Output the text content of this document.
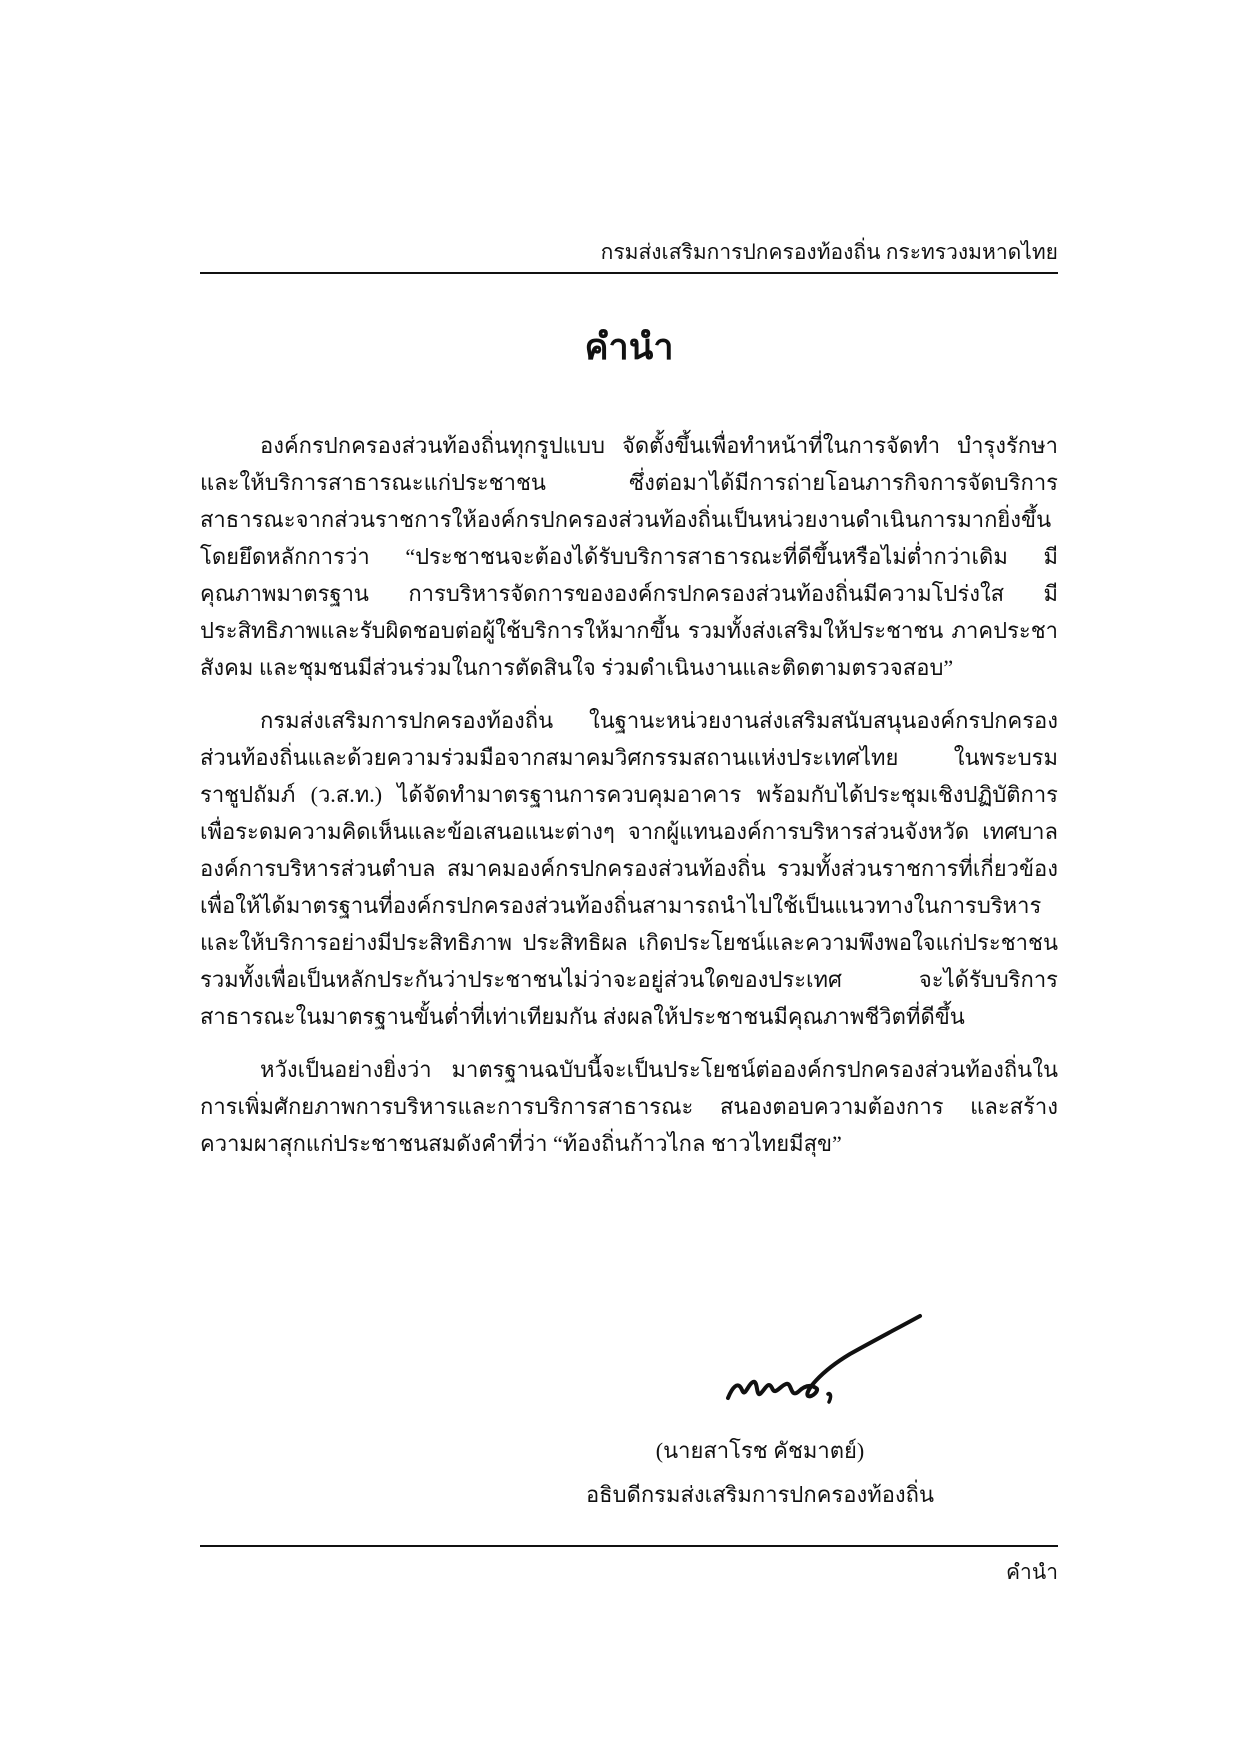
กรมส่งเสริมการปกครองท้องถิ่น กระทรวงมหาดไทย
คำนำ

องค์กรปกครองส่วนท้องถิ่นทุกรูปแบบ จัดตั้งขึ้นเพื่อทำหน้าที่ในการจัดทำ บำรุงรักษา และให้บริการสาธารณะแก่ประชาชน ซึ่งต่อมาได้มีการถ่ายโอนภารกิจการจัดบริการสาธารณะจากส่วนราชการให้องค์กรปกครองส่วนท้องถิ่นเป็นหน่วยงานดำเนินการมากยิ่งขึ้น โดยยึดหลักการว่า “ประชาชนจะต้องได้รับบริการสาธารณะที่ดีขึ้นหรือไม่ต่ำกว่าเดิม มีคุณภาพมาตรฐาน การบริหารจัดการขององค์กรปกครองส่วนท้องถิ่นมีความโปร่งใส มีประสิทธิภาพและรับผิดชอบต่อผู้ใช้บริการให้มากขึ้น รวมทั้งส่งเสริมให้ประชาชน ภาคประชาสังคม และชุมชนมีส่วนร่วมในการตัดสินใจ ร่วมดำเนินงานและติดตามตรวจสอบ”

กรมส่งเสริมการปกครองท้องถิ่น ในฐานะหน่วยงานส่งเสริมสนับสนุนองค์กรปกครองส่วนท้องถิ่นและด้วยความร่วมมือจากสมาคมวิศกรรมสถานแห่งประเทศไทย ในพระบรมราชูปถัมภ์ (ว.ส.ท.) ได้จัดทำมาตรฐานการควบคุมอาคาร พร้อมกับได้ประชุมเชิงปฏิบัติการเพื่อระดมความคิดเห็นและข้อเสนอแนะต่างๆ จากผู้แทนองค์การบริหารส่วนจังหวัด เทศบาล องค์การบริหารส่วนตำบล สมาคมองค์กรปกครองส่วนท้องถิ่น รวมทั้งส่วนราชการที่เกี่ยวข้อง เพื่อให้ได้มาตรฐานที่องค์กรปกครองส่วนท้องถิ่นสามารถนำไปใช้เป็นแนวทางในการบริหารและให้บริการอย่างมีประสิทธิภาพ ประสิทธิผล เกิดประโยชน์และความพึงพอใจแก่ประชาชน รวมทั้งเพื่อเป็นหลักประกันว่าประชาชนไม่ว่าจะอยู่ส่วนใดของประเทศ จะได้รับบริการสาธารณะในมาตรฐานขั้นต่ำที่เท่าเทียมกัน ส่งผลให้ประชาชนมีคุณภาพชีวิตที่ดีขึ้น

หวังเป็นอย่างยิ่งว่า มาตรฐานฉบับนี้จะเป็นประโยชน์ต่อองค์กรปกครองส่วนท้องถิ่นในการเพิ่มศักยภาพการบริหารและการบริการสาธารณะ สนองตอบความต้องการ และสร้างความผาสุกแก่ประชาชนสมดังคำที่ว่า “ท้องถิ่นก้าวไกล ชาวไทยมีสุข”

(นายสาโรช คัชมาตย์)
อธิบดีกรมส่งเสริมการปกครองท้องถิ่น
คำนำ
